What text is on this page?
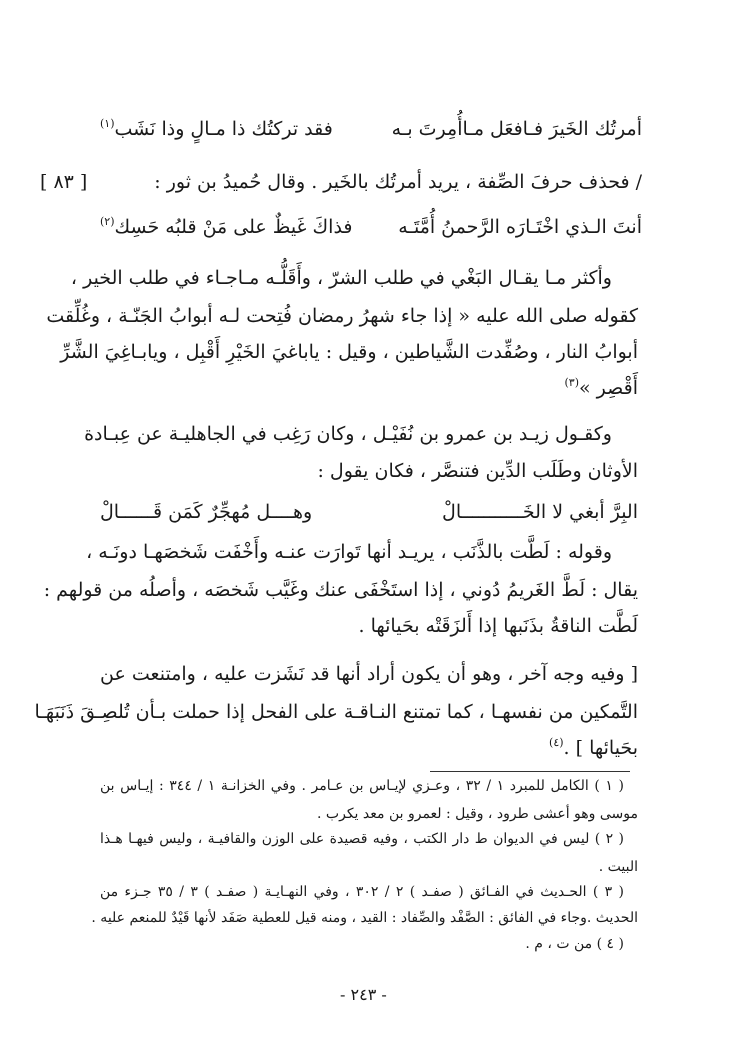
أمرتُك الخَيرَ فـافعَل مـاأُمِرتَ بـه
فقد تركتُك ذا مـالٍ وذا نَشَب$^{(١)}$
/ فحذف حرفَ الصِّفة ، يريد أمرتُك بالخَير . وقال حُميدُ بن ثور :
[ ٨٣ ]
أنتَ الـذي اخْتَـارَه الرَّحمنُ أُمَّتَـه
فذاكَ غَيظٌ على مَنْ قلبُه حَسِك$^{(٢)}$
وأكثر مـا يقـال البَغْي في طلب الشرّ ، وأَقَلُّـه مـاجـاء في طلب الخير ،
كقوله صلى الله عليه « إذا جاء شهرُ رمضان فُتِحت لـه أبوابُ الجَنّـة ، وغُلِّقت
أبوابُ النار ، وصُفِّدت الشَّياطين ، وقيل : ياباغيَ الخَيْرِ أَقْبِل ، ويابـاغِيَ الشَّرِّ
أَقْصِر »$^{(٣)}$
وكقـول زيـد بن عمرو بن نُفَيْـل ، وكان رَغِب في الجاهليـة عن عِبـادة
الأوثان وطَلَب الدِّين فتنصَّر ، فكان يقول :
البِرَّ أبغي لا الخَـــــــــــالْ
وهــــل مُهجِّرٌ كَمَن قَــــــالْ
وقوله : لَطَّت بالذَّنَب ، يريـد أنها تَوارَت عنـه وأَخْفَت شَخصَهـا دونَـه ،
يقال : لَطَّ الغَريمُ دُوني ، إذا استَخْفَى عنك وغَيَّب شَخصَه ، وأصلُه من قولهم :
لَطَّت الناقةُ بذَنَبها إذا أَلزَقَتْه بحَيائها .
[ وفيه وجه آخر ، وهو أن يكون أراد أنها قد نَشَزت عليه ، وامتنعت عن
التَّمكين من نفسهـا ، كما تمتنع النـاقـة على الفحل إذا حملت بـأن تُلصِـقَ ذَنَبَهَـا
بحَيائها ] .$^{(٤)}$
( ١ ) الكامل للمبرد ١ / ٣٢ ، وعـزي لإيـاس بن عـامر . وفي الخزانـة ١ / ٣٤٤ : إيـاس بن
موسى وهو أعشى طرود ، وقيل : لعمرو بن معد يكرب .
( ٢ ) ليس في الديوان ط دار الكتب ، وفيه قصيدة على الوزن والقافيـة ، وليس فيهـا هـذا
البيت .
( ٣ ) الحـديث في الفـائق ( صفـد ) ٢ / ٣٠٢ ، وفي النهـايـة ( صفـد ) ٣ / ٣٥ جـزء من
الحديث .وجاء في الفائق : الصَّفْد والصِّفاد : القيد ، ومنه قيل للعطية صَفَد لأنها قَيْدٌ للمنعم عليه .
( ٤ ) من ت ، م .
- ٢٤٣ -
